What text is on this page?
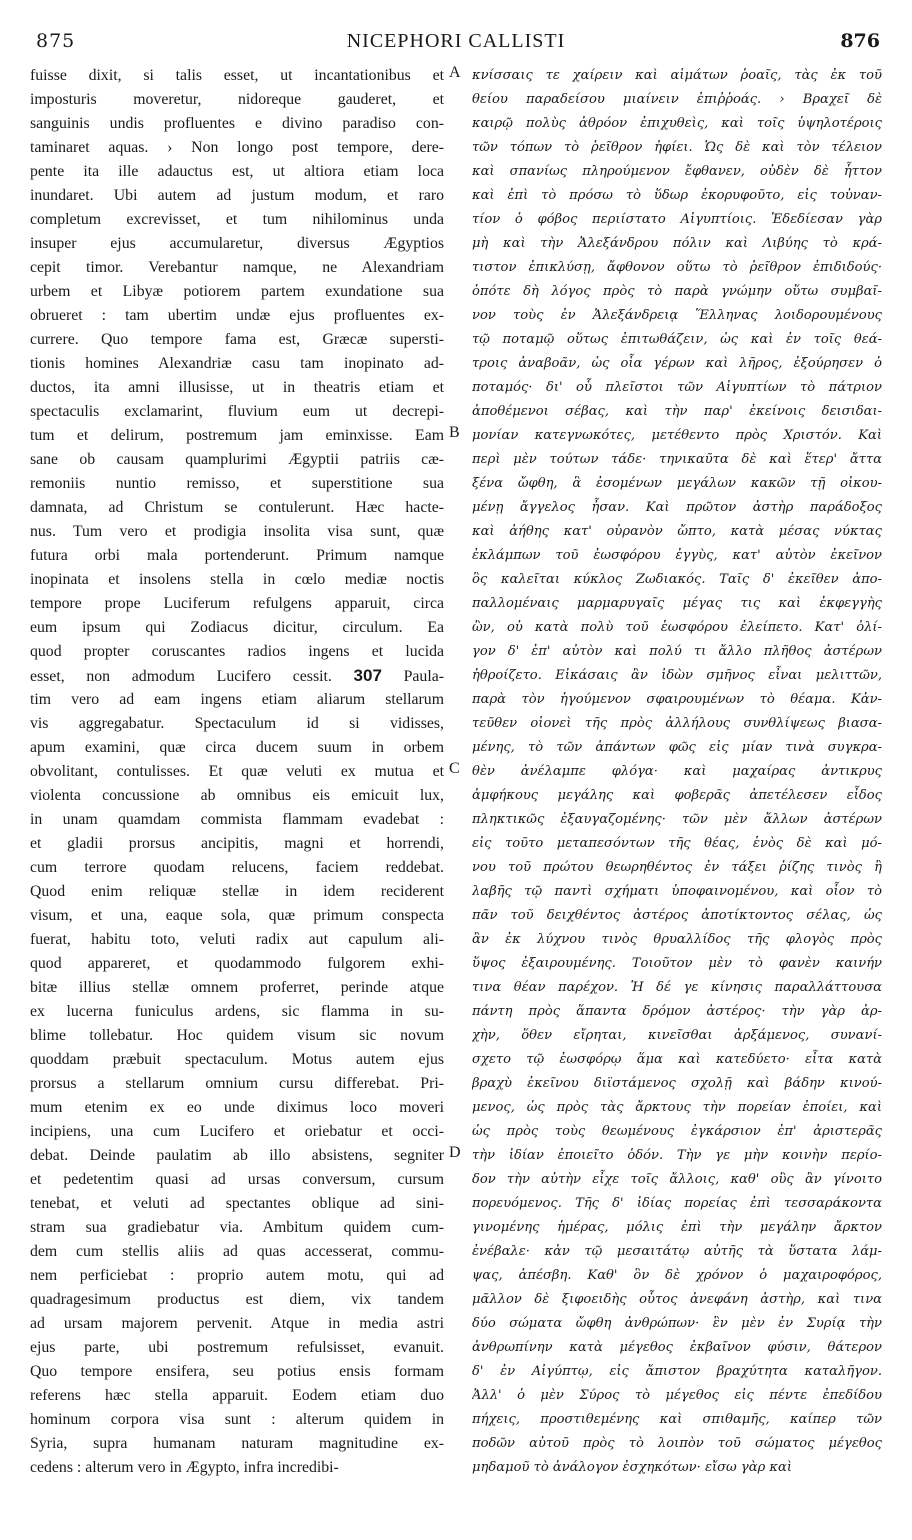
875	NICEPHORI CALLISTI	876
fuisse dixit, si talis esset, ut incantationibus et
imposturis moveretur, nidoreque gauderet, et
sanguinis undis profluentes e divino paradiso con-
taminaret aquas. › Non longo post tempore, dere-
pente ita ille adauctus est, ut altiora etiam loca
inundaret. Ubi autem ad justum modum, et raro
completum excrevisset, et tum nihilominus unda
insuper ejus accumularetur, diversus Ægyptios
cepit timor. Verebantur namque, ne Alexandriam
urbem et Libyæ potiorem partem exundatione sua
obrueret : tam ubertim undæ ejus profluentes ex-
currere. Quo tempore fama est, Græcæ supersti-
tionis homines Alexandriæ casu tam inopinato ad-
ductos, ita amni illusisse, ut in theatris etiam et
spectaculis exclamarint, fluvium eum ut decrepi-
tum et delirum, postremum jam eminxisse. Eam
sane ob causam quamplurimi Ægyptii patriis cæ-
remoniis nuntio remisso, et superstitione sua
damnata, ad Christum se contulerunt. Hæc hacte-
nus. Tum vero et prodigia insolita visa sunt, quæ
futura orbi mala portenderunt. Primum namque
inopinata et insolens stella in cœlo mediæ noctis
tempore prope Luciferum refulgens apparuit, circa
eum ipsum qui Zodiacus dicitur, circulum. Ea
quod propter coruscantes radios ingens et lucida
esset, non admodum Lucifero cessit. 307 Paula-
tim vero ad eam ingens etiam aliarum stellarum
vis aggregabatur. Spectaculum id si vidisses,
apum examini, quæ circa ducem suum in orbem
obvolitant, contulisses. Et quæ veluti ex mutua et
violenta concussione ab omnibus eis emicuit lux,
in unam quamdam commista flammam evadebat :
et gladii prorsus ancipitis, magni et horrendi,
cum terrore quodam relucens, faciem reddebat.
Quod enim reliquæ stellæ in idem reciderent
visum, et una, eaque sola, quæ primum conspecta
fuerat, habitu toto, veluti radix aut capulum ali-
quod appareret, et quodammodo fulgorem exhi-
bitæ illius stellæ omnem proferret, perinde atque
ex lucerna funiculus ardens, sic flamma in su-
blime tollebatur. Hoc quidem visum sic novum
quoddam præbuit spectaculum. Motus autem ejus
prorsus a stellarum omnium cursu differebat. Pri-
mum etenim ex eo unde diximus loco moveri
incipiens, una cum Lucifero et oriebatur et occi-
debat. Deinde paulatim ab illo absistens, segniter
et pedetentim quasi ad ursas conversum, cursum
tenebat, et veluti ad spectantes oblique ad sini-
stram sua gradiebatur via. Ambitum quidem cum-
dem cum stellis aliis ad quas accesserat, commu-
nem perficiebat : proprio autem motu, qui ad
quadragesimum productus est diem, vix tandem
ad ursam majorem pervenit. Atque in media astri
ejus parte, ubi postremum refulsisset, evanuit.
Quo tempore ensifera, seu potius ensis formam
referens hæc stella apparuit. Eodem etiam duo
hominum corpora visa sunt : alterum quidem in
Syria, supra humanam naturam magnitudine ex-
cedens : alterum vero in Ægypto, infra incredibi-
κνίσσαις τε χαίρειν καὶ αἱμάτων ῥοαῖς, τὰς ἐκ τοῦ
θείου παραδείσου μιαίνειν ἐπιῤῥοάς. › Βραχεῖ δὲ
καιρῷ πολὺς ἀθρόον ἐπιχυθεὶς, καὶ τοῖς ὑψηλοτέροις
τῶν τόπων τὸ ῥεῖθρον ἠφίει. Ὡς δὲ καὶ τὸν τέλειον
καὶ σπανίως πληρούμενον ἔφθανεν, οὐδὲν δὲ ἧττον
καὶ ἐπὶ τὸ πρόσω τὸ ὕδωρ ἐκορυφοῦτο, εἰς τοὐναν-
τίον ὁ φόβος περιίστατο Αἰγυπτίοις. Ἐδεδίεσαν γὰρ
μὴ καὶ τὴν Ἀλεξάνδρου πόλιν καὶ Λιβύης τὸ κρά-
τιστον ἐπικλύσῃ, ἄφθονον οὕτω τὸ ῥεῖθρον ἐπιδιδούς·
ὁπότε δὴ λόγος πρὸς τὸ παρὰ γνώμην οὕτω συμβαῖ-
νον τοὺς ἐν Ἀλεξάνδρειᾳ Ἕλληνας λοιδορουμένους
τῷ ποταμῷ οὕτως ἐπιτωθάζειν, ὡς καὶ ἐν τοῖς θεά-
τροις ἀναβοᾶν, ὡς οἷα γέρων καὶ λῆρος, ἐξούρησεν ὁ
ποταμός· δι' οὗ πλεῖστοι τῶν Αἰγυπτίων τὸ πάτριον
ἀποθέμενοι σέβας, καὶ τὴν παρ' ἐκείνοις δεισιδαι-
μονίαν κατεγνωκότες, μετέθεντο πρὸς Χριστόν. Καὶ
περὶ μὲν τούτων τάδε· τηνικαῦτα δὲ καὶ ἕτερ' ἄττα
ξένα ὤφθη, ἃ ἐσομένων μεγάλων κακῶν τῇ οἰκου-
μένῃ ἄγγελος ἦσαν. Καὶ πρῶτον ἀστὴρ παράδοξος
καὶ ἀήθης κατ' οὐρανὸν ὤπτο, κατὰ μέσας νύκτας
ἐκλάμπων τοῦ ἑωσφόρου ἐγγὺς, κατ' αὐτὸν ἐκεῖνον
ὃς καλεῖται κύκλος Ζωδιακός. Ταῖς δ' ἐκεῖθεν ἀπο-
παλλομέναις μαρμαρυγαῖς μέγας τις καὶ ἐκφεγγὴς
ὢν, οὐ κατὰ πολὺ τοῦ ἑωσφόρου ἐλείπετο. Κατ' ὀλί-
γον δ' ἐπ' αὐτὸν καὶ πολύ τι ἄλλο πλῆθος ἀστέρων
ἠθροίζετο. Εἰκάσαις ἂν ἰδὼν σμῆνος εἶναι μελιττῶν,
παρὰ τὸν ἡγούμενον σφαιρουμένων τὸ θέαμα. Κἀν-
τεῦθεν οἱονεὶ τῆς πρὸς ἀλλήλους συνθλίψεως βιασα-
μένης, τὸ τῶν ἁπάντων φῶς εἰς μίαν τινὰ συγκρα-
θὲν ἀνέλαμπε φλόγα· καὶ μαχαίρας ἀντικρυς
ἀμφήκους μεγάλης καὶ φοβερᾶς ἀπετέλεσεν εἶδος
πληκτικῶς ἐξαυγαζομένης· τῶν μὲν ἄλλων ἀστέρων
εἰς τοῦτο μεταπεσόντων τῆς θέας, ἑνὸς δὲ καὶ μό-
νου τοῦ πρώτου θεωρηθέντος ἐν τάξει ῥίζης τινὸς ἢ
λαβῆς τῷ παντὶ σχήματι ὑποφαινομένου, καὶ οἷον τὸ
πᾶν τοῦ δειχθέντος ἀστέρος ἀποτίκτοντος σέλας, ὡς
ἂν ἐκ λύχνου τινὸς θρυαλλίδος τῆς φλογὸς πρὸς
ὕψος ἐξαιρουμένης. Τοιοῦτον μὲν τὸ φανὲν καινήν
τινα θέαν παρέχον. Ἡ δέ γε κίνησις παραλλάττουσα
πάντη πρὸς ἅπαντα δρόμον ἀστέρος· τὴν γὰρ ἀρ-
χὴν, ὅθεν εἴρηται, κινεῖσθαι ἀρξάμενος, συνανί-
σχετο τῷ ἑωσφόρῳ ἅμα καὶ κατεδύετο· εἶτα κατὰ
βραχὺ ἐκεῖνου διϊστάμενος σχολῇ καὶ βάδην κινού-
μενος, ὡς πρὸς τὰς ἄρκτους τὴν πορείαν ἐποίει, καὶ
ὡς πρὸς τοὺς θεωμένους ἐγκάρσιον ἐπ' ἀριστερᾶς
τὴν ἰδίαν ἐποιεῖτο ὁδόν. Τὴν γε μὴν κοινὴν περίο-
δον τὴν αὐτὴν εἶχε τοῖς ἄλλοις, καθ' οὓς ἂν γίνοιτο
πορευόμενος. Τῆς δ' ἰδίας πορείας ἐπὶ τεσσαράκοντα
γινομένης ἡμέρας, μόλις ἐπὶ τὴν μεγάλην ἄρκτον
ἐνέβαλε· κἀν τῷ μεσαιτάτῳ αὐτῆς τὰ ὕστατα λάμ-
ψας, ἀπέσβη. Καθ' ὃν δὲ χρόνον ὁ μαχαιροφόρος,
μᾶλλον δὲ ξιφοειδὴς οὗτος ἀνεφάνη ἀστὴρ, καὶ τινα
δύο σώματα ὤφθη ἀνθρώπων· ἓν μὲν ἐν Συρίᾳ τὴν
ἀνθρωπίνην κατὰ μέγεθος ἐκβαῖνον φύσιν, θάτερον
δ' ἐν Αἰγύπτῳ, εἰς ἄπιστον βραχύτητα καταλῆγον.
Ἀλλ' ὁ μὲν Σύρος τὸ μέγεθος εἰς πέντε ἐπεδίδου
πήχεις, προστιθεμένης καὶ σπιθαμῆς, καίπερ τῶν
ποδῶν αὐτοῦ πρὸς τὸ λοιπὸν τοῦ σώματος μέγεθος
μηδαμοῦ τὸ ἀνάλογον ἐσχηκότων· εἴσω γὰρ καὶ
A
B
C
D
